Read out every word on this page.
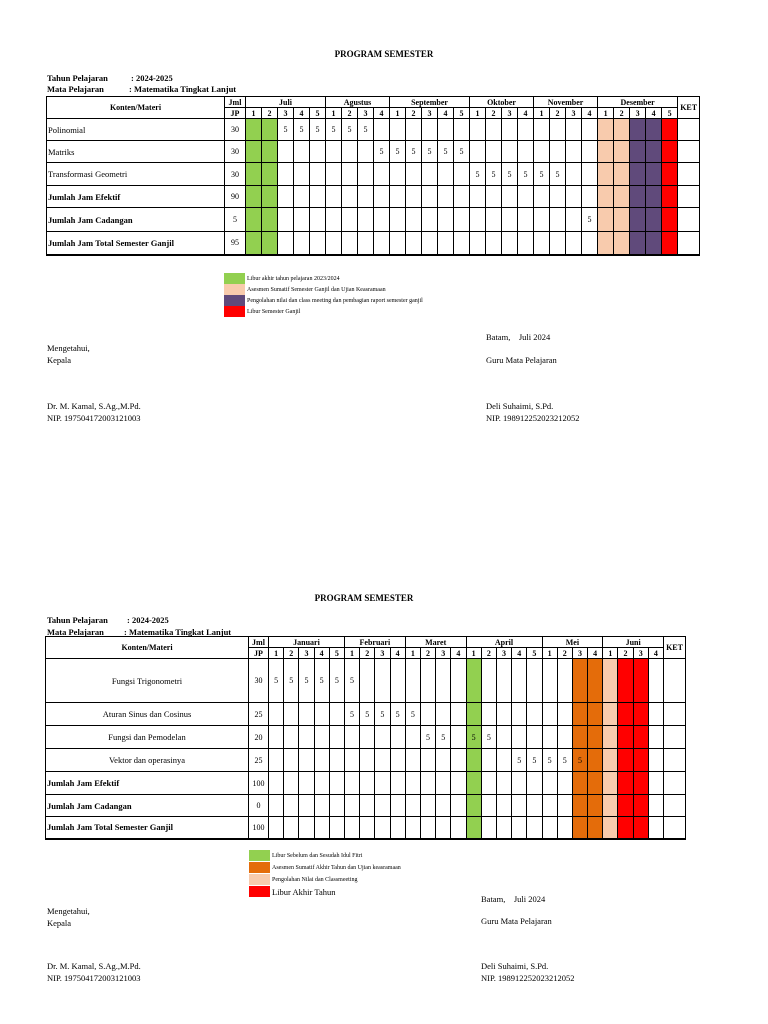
PROGRAM SEMESTER
Tahun Pelajaran	: 2024-2025
Mata Pelajaran	: Matematika Tingkat Lanjut
Konten/Materi	Jml	Juli					Agustus				September					Oktober				November				Desember					KET
	JP	1	2	3	4	5	1	2	3	4	1	2	3	4	5	1	2	3	4	1	2	3	4	1	2	3	4	5	
Polinomial	30			5	5	5	5	5	5																				
Matriks	30									5	5	5	5	5	5														
Transformasi Geometri	30															5	5	5	5	5	5								
Jumlah Jam Efektif	90																												
Jumlah Jam Cadangan	5																						5						
Jumlah Jam Total Semester Ganjil	95																												
Libur akhir tahun pelajaran 2023/2024
Asesmen Sumatif Semester Ganjil dan Ujian Keasramaan
Pengolahan nilai dan class meeting dan pembagian raport semester ganjil
Libur Semester Ganjil
Mengetahui,
Kepala
Dr. M. Kamal, S.Ag.,M.Pd.
NIP. 197504172003121003
Batam,    Juli 2024
Guru Mata Pelajaran
Deli Suhaimi, S.Pd.
NIP. 198912252023212052
PROGRAM SEMESTER
Tahun Pelajaran : 2024-2025
Mata Pelajaran : Matematika Tingkat Lanjut
Konten/Materi	Jml	Januari					Februari				Maret				April					Mei				Juni				KET
	JP	1	2	3	4	5	1	2	3	4	1	2	3	4	1	2	3	4	5	1	2	3	4	1	2	3	4	
Fungsi Trigonometri	30	5	5	5	5	5	5																					
Aturan Sinus dan Cosinus	25						5	5	5	5	5																	
Fungsi dan Pemodelan	20											5	5		5	5												
Vektor dan operasinya	25																	5	5	5	5	5						
Jumlah Jam Efektif	100																											
Jumlah Jam Cadangan	0																											
Jumlah Jam Total Semester Ganjil	100																											
Libur Sebelum dan Sesudah Idul Fitri
Asesmen Sumatif Akhir Tahun dan Ujian keasramaan
Pengolahan Nilai dan Classmeeting
Libur Akhir Tahun
Mengetahui,
Kepala
Dr. M. Kamal, S.Ag.,M.Pd.
NIP. 197504172003121003
Batam,    Juli 2024
Guru Mata Pelajaran
Deli Suhaimi, S.Pd.
NIP. 198912252023212052
